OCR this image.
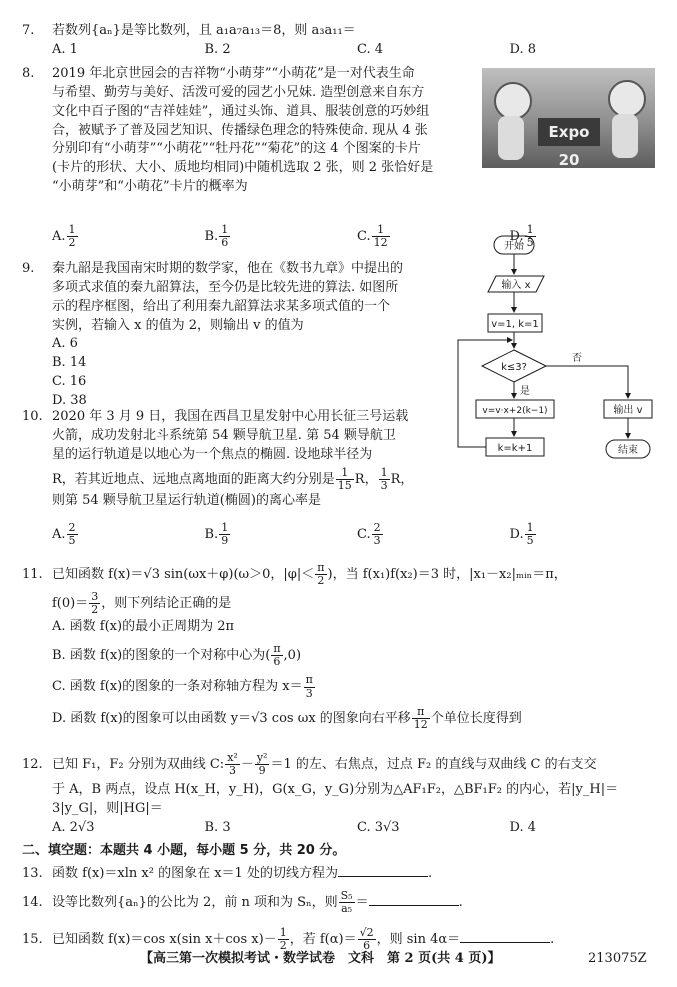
7. 若数列{aₙ}是等比数列，且 a₁a₇a₁₃＝8，则 a₃a₁₁＝
A. 1	B. 2	C. 4	D. 8
8. 2019 年北京世园会的吉祥物“小萌芽”“小萌花”是一对代表生命
与希望、勤劳与美好、活泼可爱的园艺小兄妹. 造型创意来自东方
文化中百子图的“吉祥娃娃”，通过头饰、道具、服装创意的巧妙组
合，被赋予了普及园艺知识、传播绿色理念的特殊使命. 现从 4 张
分别印有“小萌芽”“小萌花”“牡丹花”“菊花”的这 4 个图案的卡片
(卡片的形状、大小、质地均相同)中随机选取 2 张，则 2 张恰好是
“小萌芽”和“小萌花”卡片的概率为
A. $\frac{1}{2}$	B. $\frac{1}{6}$	C. $\frac{1}{12}$	D. $\frac{1}{5}$
9. 秦九韶是我国南宋时期的数学家，他在《数书九章》中提出的
多项式求值的秦九韶算法，至今仍是比较先进的算法. 如图所
示的程序框图，给出了利用秦九韶算法求某多项式值的一个
实例，若输入 x 的值为 2，则输出 v 的值为
A. 6
B. 14
C. 16
D. 38
10. 2020 年 3 月 9 日，我国在西昌卫星发射中心用长征三号运载
火箭，成功发射北斗系统第 54 颗导航卫星. 第 54 颗导航卫
星的运行轨道是以地心为一个焦点的椭圆. 设地球半径为
R，若其近地点、远地点离地面的距离大约分别是 $\frac{1}{15}$ R， $\frac{1}{3}$ R，
则第 54 颗导航卫星运行轨道(椭圆)的离心率是
A. $\frac{2}{5}$	B. $\frac{1}{9}$	C. $\frac{2}{3}$	D. $\frac{1}{5}$
11. 已知函数 f(x)＝√3 sin(ωx＋φ)(ω＞0，$|\varphi|< \frac{\pi}{2}$ )，当 f(x₁)f(x₂)＝3 时，|x₁－x₂|ₘᵢₙ＝π，
$f(0)= \frac{3}{2}$ ，则下列结论正确的是
A. 函数 f(x)的最小正周期为 2π
B. 函数 f(x)的图象的一个对称中心为( $\frac{\pi}{6} ,0$)
C. 函数 f(x)的图象的一条对称轴方程为 $x= \frac{\pi}{3}$
D. 函数 f(x)的图象可以由函数 y＝√3 cos ωx 的图象向右平移 $\frac{\pi}{12}$ 个单位长度得到
12. 已知 F₁，F₂ 分别为双曲线 C: $\frac{\text{x²}}{3} - \frac{\text{y²}}{9} =1$ 的左、右焦点，过点 F₂ 的直线与双曲线 C 的右支交
于 A，B 两点，设点 H(x_H，y_H)，G(x_G，y_G)分别为△AF₁F₂，△BF₁F₂ 的内心，若|y_H|＝
3|y_G|，则|HG|＝
A. 2√3	B. 3	C. 3√3	D. 4
二、填空题：本题共 4 小题，每小题 5 分，共 20 分。
13. 函数 f(x)＝xln x² 的图象在 x＝1 处的切线方程为	.
14. 设等比数列{aₙ}的公比为 2，前 n 项和为 Sₙ，则 $\frac{\text{S₅}}{\text{a₅}}$ ＝	.
15. 已知函数 f(x)＝cos x(sin x＋cos $x)- \frac{1}{2}$ ，若 $f(\alpha)= \frac{√2}{6}$ ，则 sin 4α＝	.
Expo 20
开始
输入 x
v=1, k=1
k≤3?
是
否
v=v·x+2(k−1)
k=k+1
输出 v
结束
【高三第一次模拟考试・数学试卷　文科　第 2 页(共 4 页)】	213075Z
